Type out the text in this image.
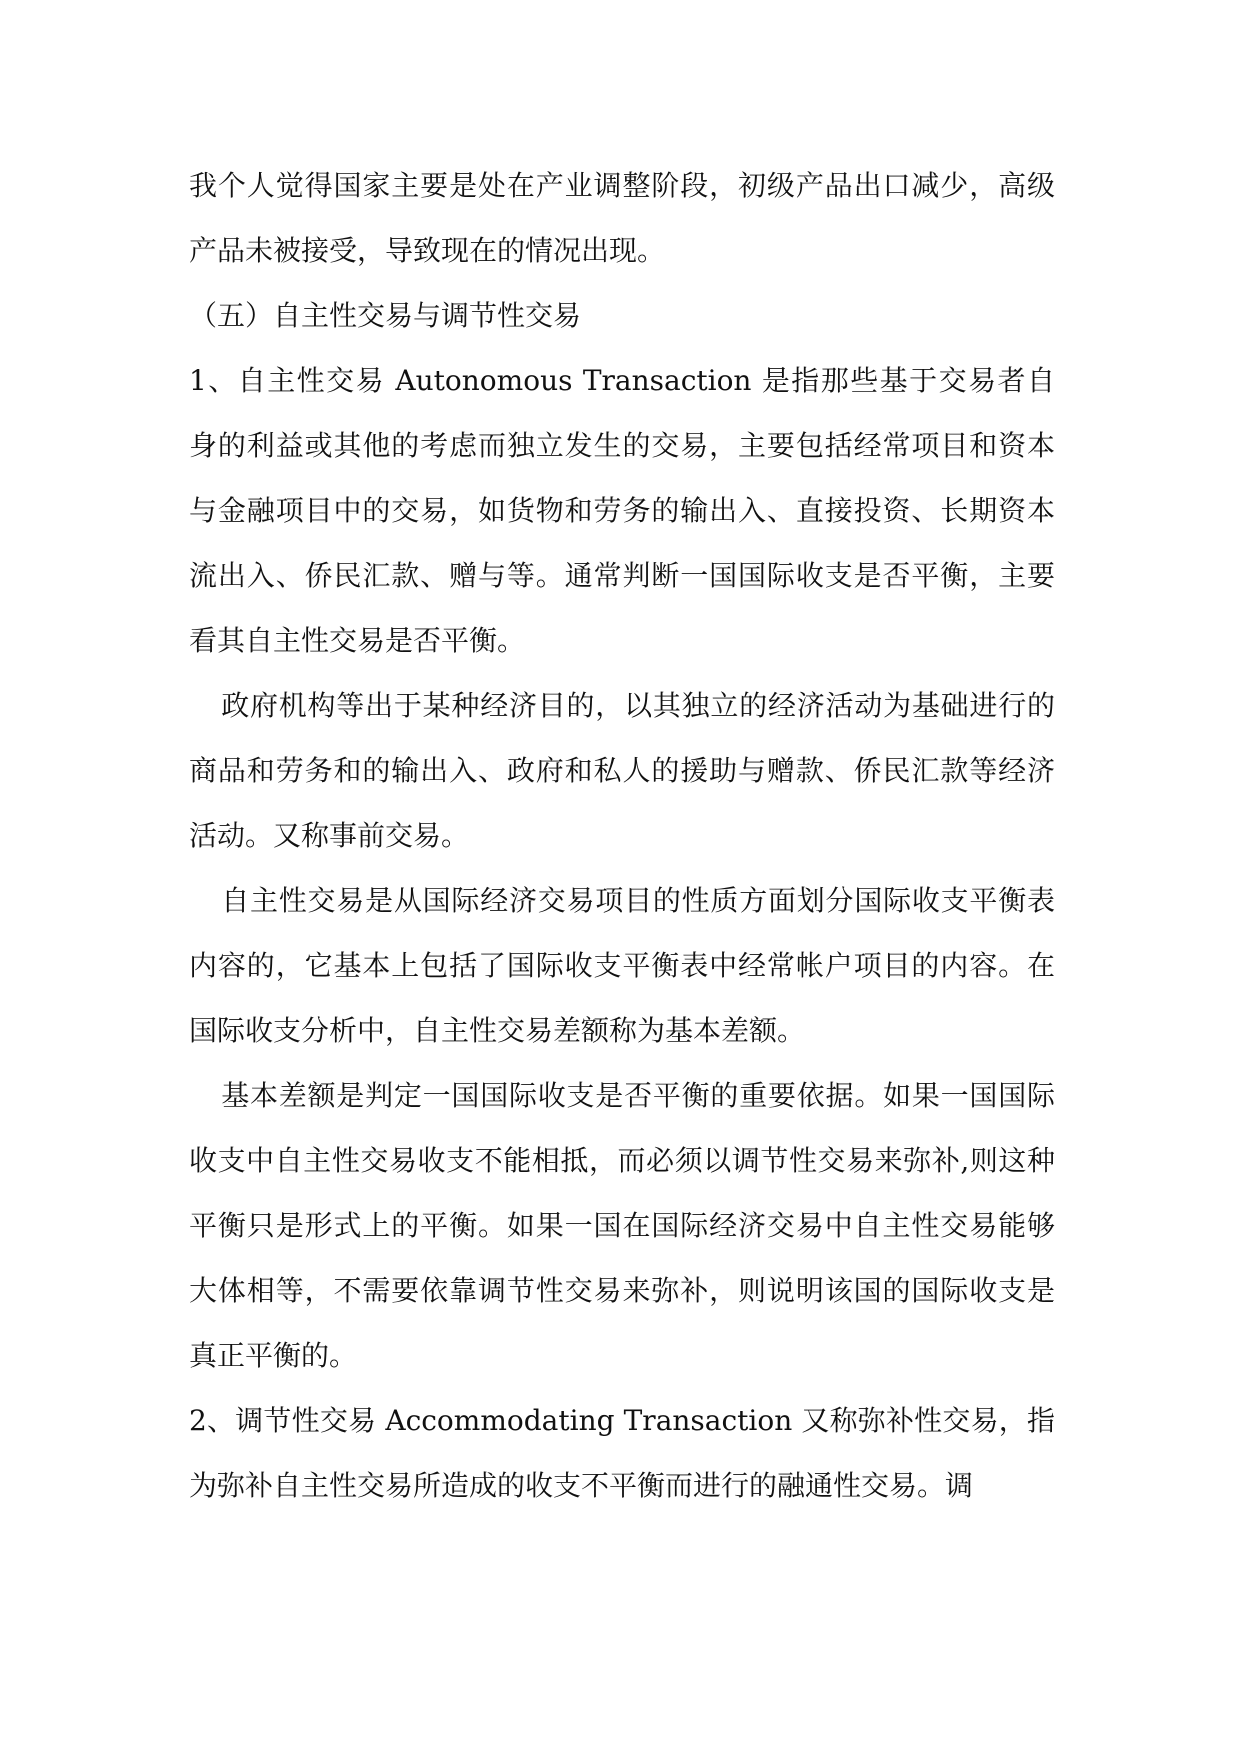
我个人觉得国家主要是处在产业调整阶段，初级产品出口减少，高级产品未被接受，导致现在的情况出现。

（五）自主性交易与调节性交易

1、自主性交易 Autonomous Transaction 是指那些基于交易者自身的利益或其他的考虑而独立发生的交易，主要包括经常项目和资本与金融项目中的交易，如货物和劳务的输出入、直接投资、长期资本流出入、侨民汇款、赠与等。通常判断一国国际收支是否平衡，主要看其自主性交易是否平衡。

政府机构等出于某种经济目的，以其独立的经济活动为基础进行的商品和劳务和的输出入、政府和私人的援助与赠款、侨民汇款等经济活动。又称事前交易。

自主性交易是从国际经济交易项目的性质方面划分国际收支平衡表内容的，它基本上包括了国际收支平衡表中经常帐户项目的内容。在国际收支分析中，自主性交易差额称为基本差额。

基本差额是判定一国国际收支是否平衡的重要依据。如果一国国际收支中自主性交易收支不能相抵，而必须以调节性交易来弥补,则这种平衡只是形式上的平衡。如果一国在国际经济交易中自主性交易能够大体相等，不需要依靠调节性交易来弥补，则说明该国的国际收支是真正平衡的。

2、调节性交易 Accommodating Transaction 又称弥补性交易，指为弥补自主性交易所造成的收支不平衡而进行的融通性交易。调
